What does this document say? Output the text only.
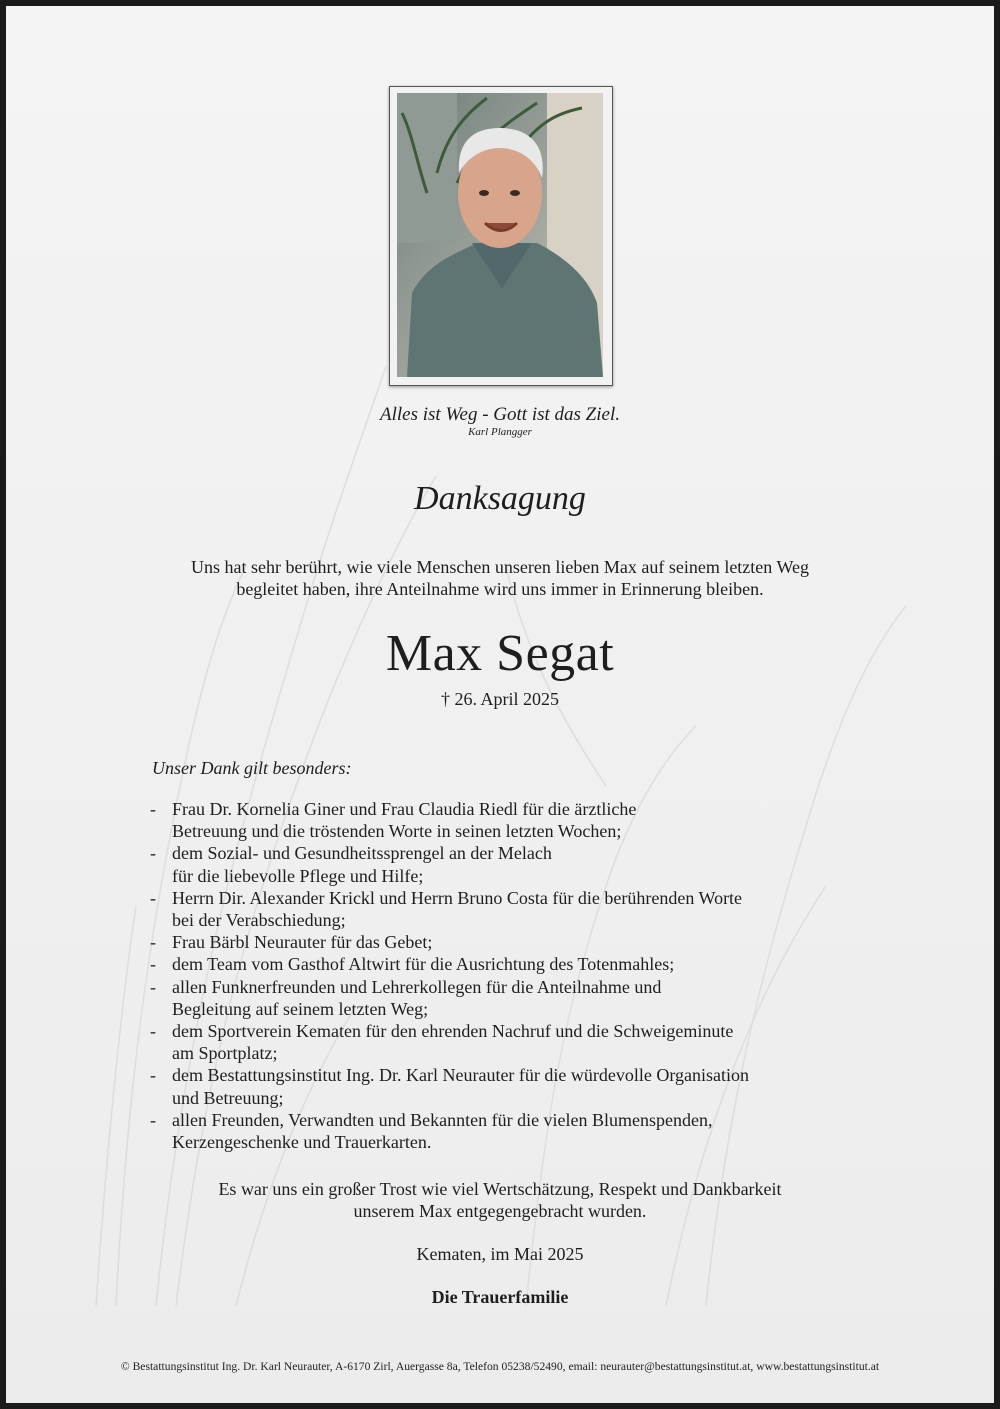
Alles ist Weg - Gott ist das Ziel.
Karl Plangger
Danksagung

Uns hat sehr berührt, wie viele Menschen unseren lieben Max auf seinem letzten Weg

begleitet haben, ihre Anteilnahme wird uns immer in Erinnerung bleiben.

Max Segat
† 26. April 2025
Unser Dank gilt besonders:
- Frau Dr. Kornelia Giner und Frau Claudia Riedl für die ärztliche
Betreuung und die tröstenden Worte in seinen letzten Wochen;
- dem Sozial- und Gesundheitssprengel an der Melach
für die liebevolle Pflege und Hilfe;
- Herrn Dir. Alexander Krickl und Herrn Bruno Costa für die berührenden Worte
bei der Verabschiedung;
- Frau Bärbl Neurauter für das Gebet;
- dem Team vom Gasthof Altwirt für die Ausrichtung des Totenmahles;
- allen Funknerfreunden und Lehrerkollegen für die Anteilnahme und
Begleitung auf seinem letzten Weg;
- dem Sportverein Kematen für den ehrenden Nachruf und die Schweigeminute
am Sportplatz;
- dem Bestattungsinstitut Ing. Dr. Karl Neurauter für die würdevolle Organisation
und Betreuung;
- allen Freunden, Verwandten und Bekannten für die vielen Blumenspenden,
Kerzengeschenke und Trauerkarten.

Es war uns ein großer Trost wie viel Wertschätzung, Respekt und Dankbarkeit

unserem Max entgegengebracht wurden.

Kematen, im Mai 2025
Die Trauerfamilie
© Bestattungsinstitut Ing. Dr. Karl Neurauter, A-6170 Zirl, Auergasse 8a, Telefon 05238/52490, email: neurauter@bestattungsinstitut.at, www.bestattungsinstitut.at
